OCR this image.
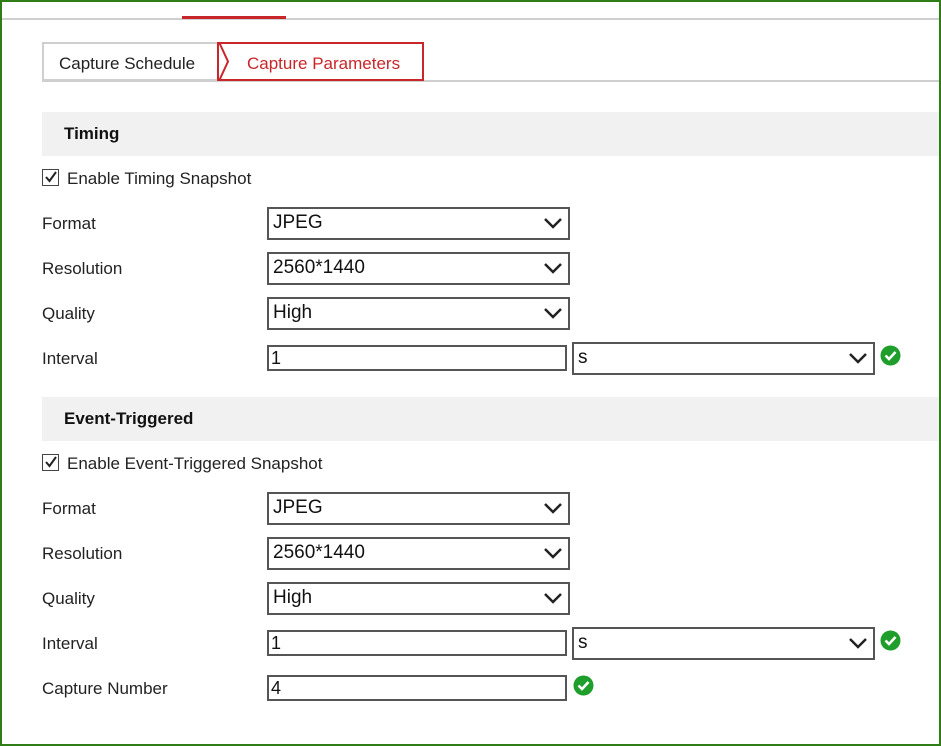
Capture Schedule	Capture Parameters
Timing
Enable Timing Snapshot
Format	JPEG
Resolution	2560*1440
Quality	High
Interval	1	s
Event-Triggered
Enable Event-Triggered Snapshot
Format	JPEG
Resolution	2560*1440
Quality	High
Interval	1	s
Capture Number	4
